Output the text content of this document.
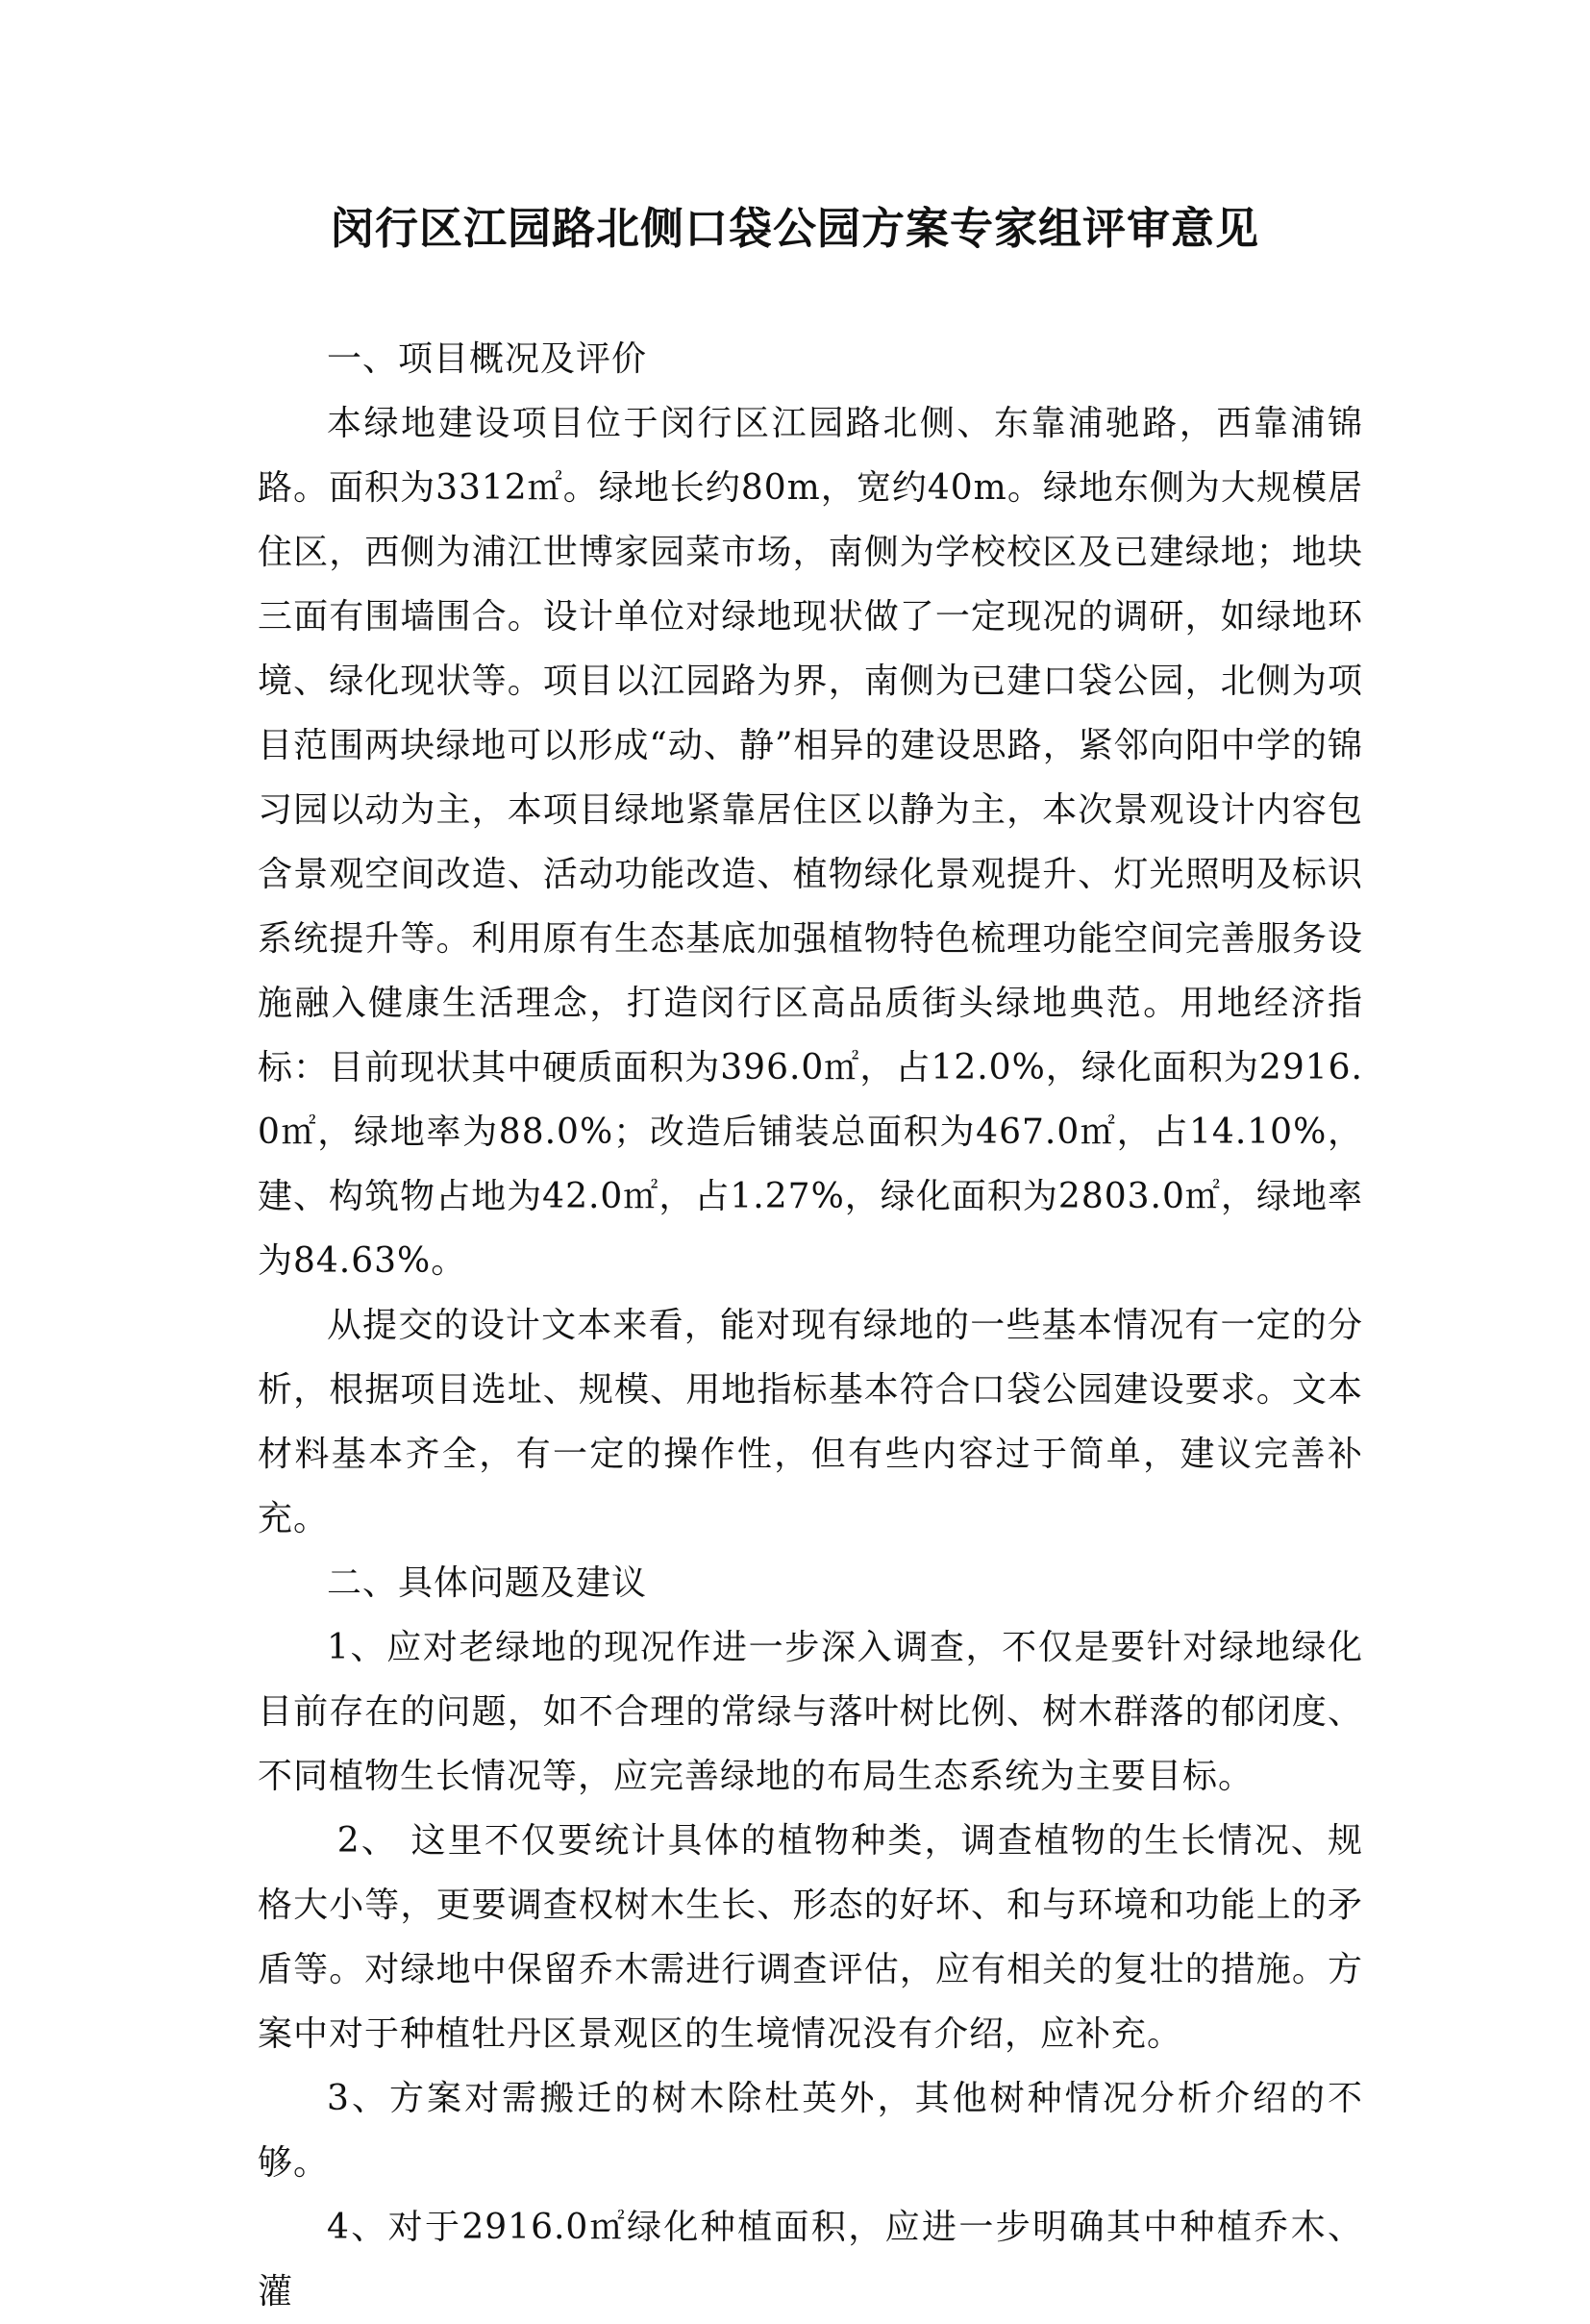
闵行区江园路北侧口袋公园方案专家组评审意见

一、项目概况及评价

本绿地建设项目位于闵行区江园路北侧、东靠浦驰路，西靠浦锦路。面积为3312㎡。绿地长约80m，宽约40m。绿地东侧为大规模居住区，西侧为浦江世博家园菜市场，南侧为学校校区及已建绿地；地块三面有围墙围合。设计单位对绿地现状做了一定现况的调研，如绿地环境、绿化现状等。项目以江园路为界，南侧为已建口袋公园，北侧为项目范围两块绿地可以形成“动、静”相异的建设思路，紧邻向阳中学的锦习园以动为主，本项目绿地紧靠居住区以静为主，本次景观设计内容包含景观空间改造、活动功能改造、植物绿化景观提升、灯光照明及标识系统提升等。利用原有生态基底加强植物特色梳理功能空间完善服务设施融入健康生活理念，打造闵行区高品质街头绿地典范。用地经济指标：目前现状其中硬质面积为396.0㎡，占12.0%，绿化面积为2916.0㎡，绿地率为88.0%；改造后铺装总面积为467.0㎡，占14.10%，建、构筑物占地为42.0㎡，占1.27%，绿化面积为2803.0㎡，绿地率为84.63%。

从提交的设计文本来看，能对现有绿地的一些基本情况有一定的分析，根据项目选址、规模、用地指标基本符合口袋公园建设要求。文本材料基本齐全，有一定的操作性，但有些内容过于简单，建议完善补充。

二、具体问题及建议

1、应对老绿地的现况作进一步深入调查，不仅是要针对绿地绿化目前存在的问题，如不合理的常绿与落叶树比例、树木群落的郁闭度、不同植物生长情况等，应完善绿地的布局生态系统为主要目标。

2、 这里不仅要统计具体的植物种类，调查植物的生长情况、规格大小等，更要调查权树木生长、形态的好坏、和与环境和功能上的矛盾等。对绿地中保留乔木需进行调查评估，应有相关的复壮的措施。方案中对于种植牡丹区景观区的生境情况没有介绍，应补充。

3、方案对需搬迁的树木除杜英外，其他树种情况分析介绍的不够。

4、对于2916.0㎡绿化种植面积，应进一步明确其中种植乔木、灌
